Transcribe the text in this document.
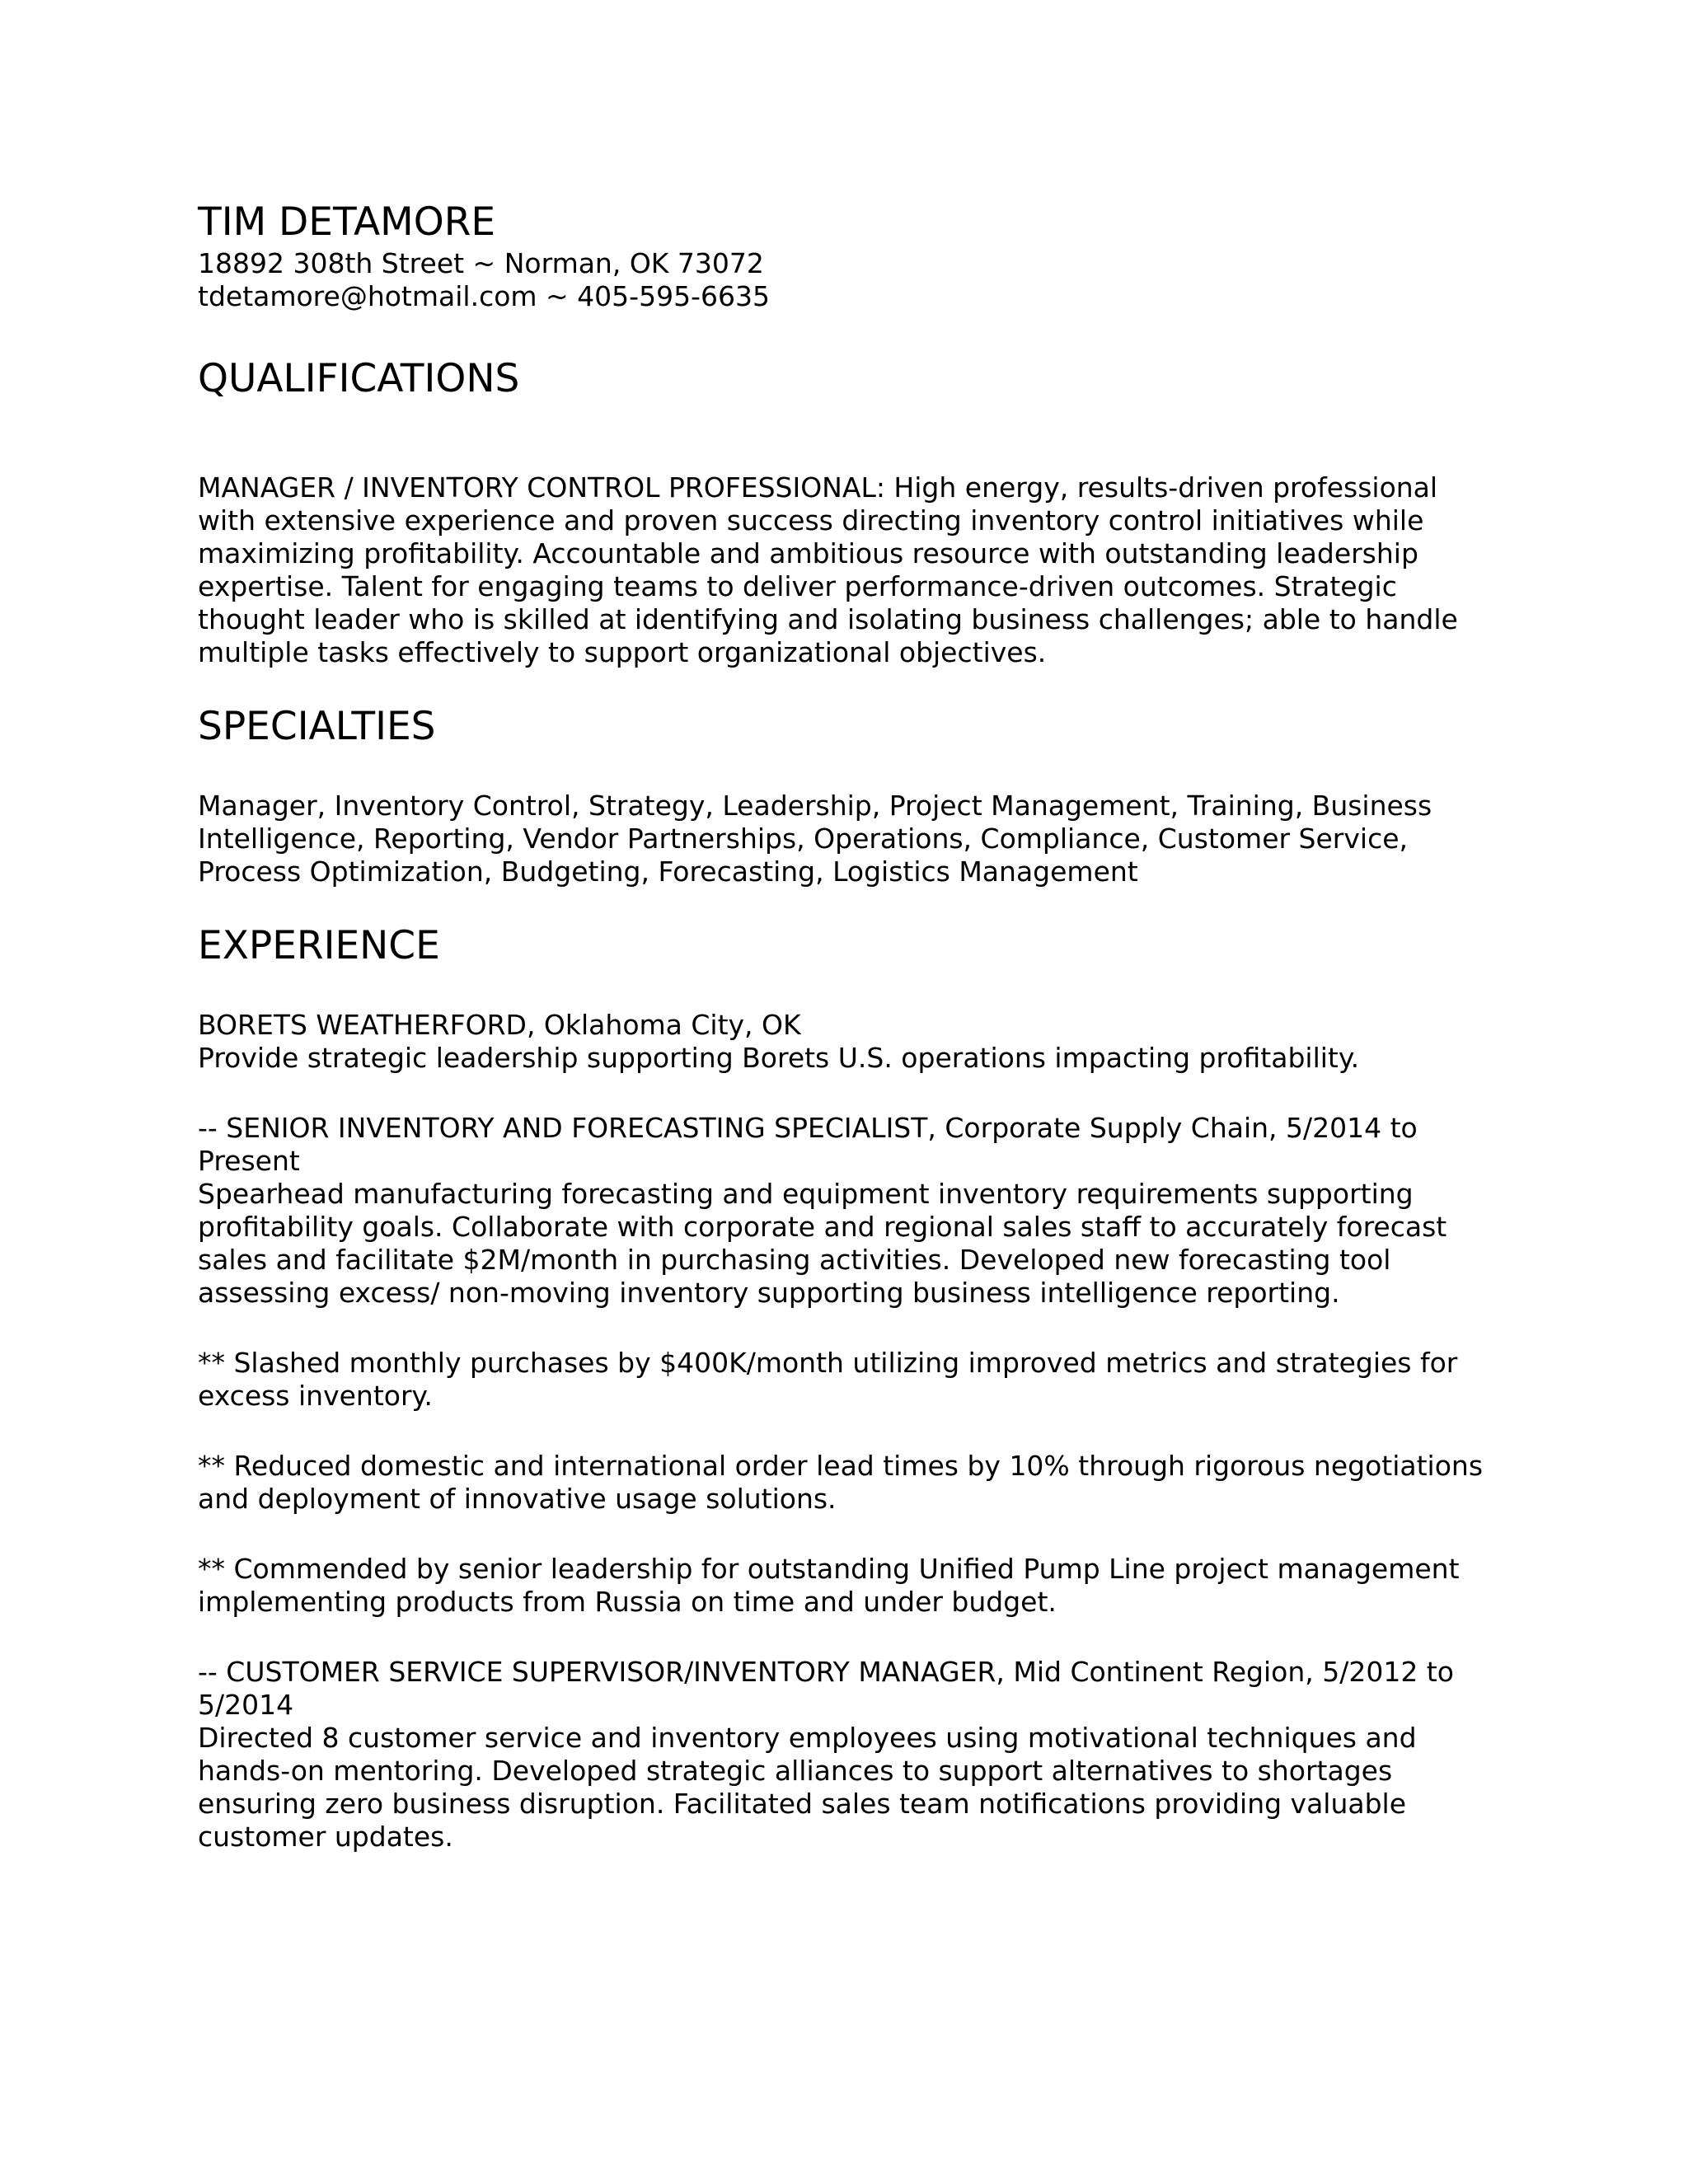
TIM DETAMORE

18892 308th Street ~ Norman, OK 73072

tdetamore@hotmail.com ~ 405-595-6635

QUALIFICATIONS

MANAGER / INVENTORY CONTROL PROFESSIONAL: High energy, results-driven professional with extensive experience and proven success directing inventory control initiatives while maximizing profitability. Accountable and ambitious resource with outstanding leadership expertise. Talent for engaging teams to deliver performance-driven outcomes. Strategic thought leader who is skilled at identifying and isolating business challenges; able to handle multiple tasks effectively to support organizational objectives.

SPECIALTIES

Manager, Inventory Control, Strategy, Leadership, Project Management, Training, Business Intelligence, Reporting, Vendor Partnerships, Operations, Compliance, Customer Service, Process Optimization, Budgeting, Forecasting, Logistics Management

EXPERIENCE

BORETS WEATHERFORD, Oklahoma City, OK

Provide strategic leadership supporting Borets U.S. operations impacting profitability.

-- SENIOR INVENTORY AND FORECASTING SPECIALIST, Corporate Supply Chain, 5/2014 to Present

Spearhead manufacturing forecasting and equipment inventory requirements supporting profitability goals. Collaborate with corporate and regional sales staff to accurately forecast sales and facilitate $2M/month in purchasing activities. Developed new forecasting tool assessing excess/ non-moving inventory supporting business intelligence reporting.

** Slashed monthly purchases by $400K/month utilizing improved metrics and strategies for excess inventory.

** Reduced domestic and international order lead times by 10% through rigorous negotiations and deployment of innovative usage solutions.

** Commended by senior leadership for outstanding Unified Pump Line project management implementing products from Russia on time and under budget.

-- CUSTOMER SERVICE SUPERVISOR/INVENTORY MANAGER, Mid Continent Region, 5/2012 to 5/2014

Directed 8 customer service and inventory employees using motivational techniques and hands-on mentoring. Developed strategic alliances to support alternatives to shortages ensuring zero business disruption. Facilitated sales team notifications providing valuable customer updates.
